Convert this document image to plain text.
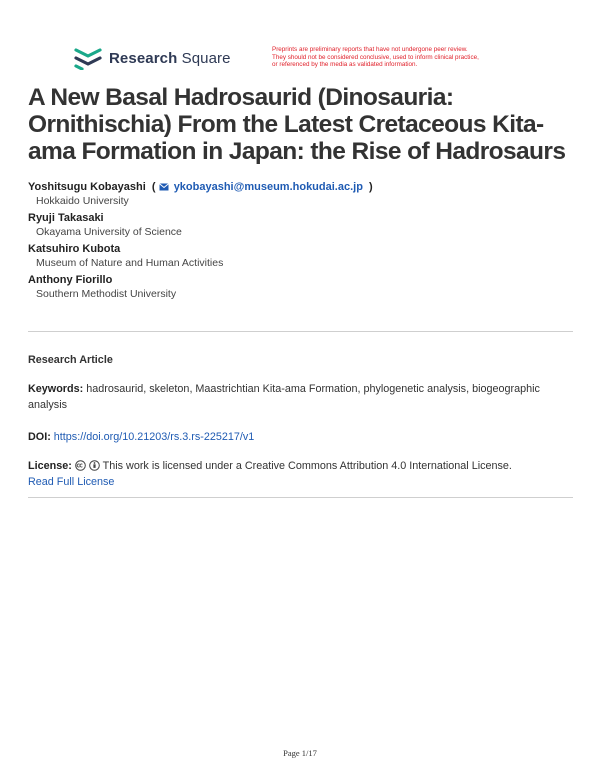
Research Square	Preprints are preliminary reports that have not undergone peer review.
They should not be considered conclusive, used to inform clinical practice,
or referenced by the media as validated information.
A New Basal Hadrosaurid (Dinosauria: Ornithischia) From the Latest Cretaceous Kita-ama Formation in Japan: the Rise of Hadrosaurs
Yoshitsugu Kobayashi  ( ykobayashi@museum.hokudai.ac.jp  )
Hokkaido University
Ryuji Takasaki
Okayama University of Science
Katsuhiro Kubota
Museum of Nature and Human Activities
Anthony Fiorillo
Southern Methodist University
Research Article
Keywords: hadrosaurid, skeleton, Maastrichtian Kita-ama Formation, phylogenetic analysis, biogeographic analysis
DOI: https://doi.org/10.21203/rs.3.rs-225217/v1
License:	This work is licensed under a Creative Commons Attribution 4.0 International License.
Read Full License
Page 1/17
